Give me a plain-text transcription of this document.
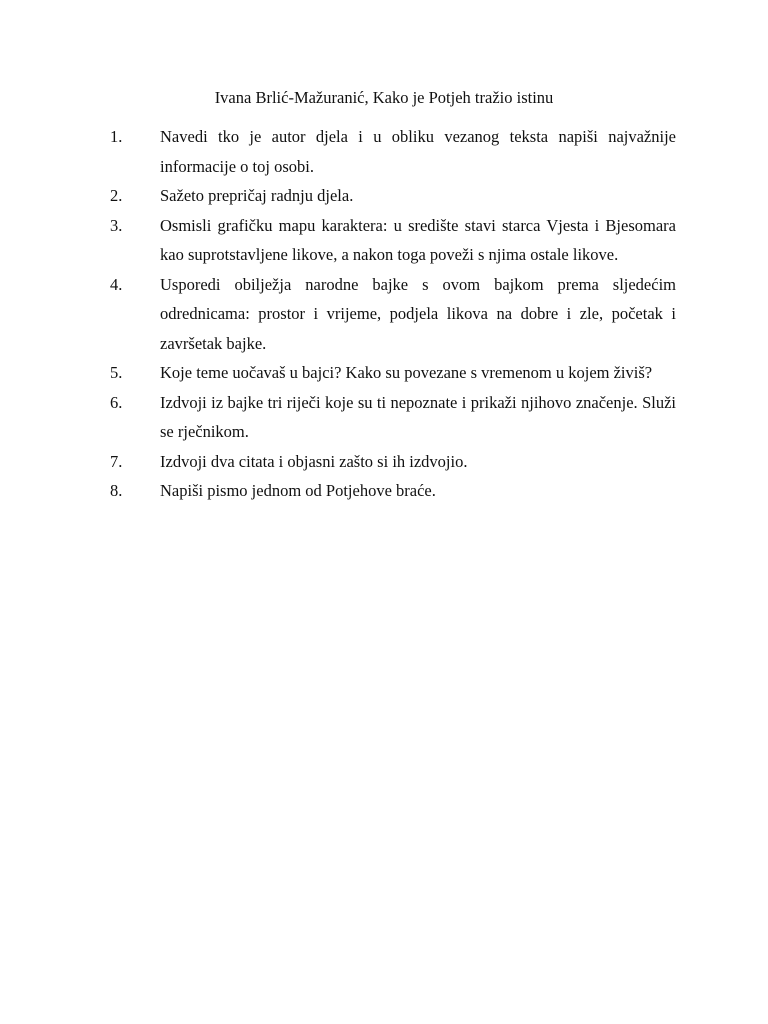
Ivana Brlić-Mažuranić, Kako je Potjeh tražio istinu
1.	Navedi tko je autor djela i u obliku vezanog teksta napiši najvažnije informacije o toj osobi.
2.	Sažeto prepričaj radnju djela.
3.	Osmisli grafičku mapu karaktera: u središte stavi starca Vjesta i Bjesomara kao suprotstavljene likove, a nakon toga poveži s njima ostale likove.
4.	Usporedi obilježja narodne bajke s ovom bajkom prema sljedećim odrednicama: prostor i vrijeme, podjela likova na dobre i zle, početak i završetak bajke.
5.	Koje teme uočavaš u bajci? Kako su povezane s vremenom u kojem živiš?
6.	Izdvoji iz bajke tri riječi koje su ti nepoznate i prikaži njihovo značenje. Služi se rječnikom.
7.	Izdvoji dva citata i objasni zašto si ih izdvojio.
8.	Napiši pismo jednom od Potjehove braće.
